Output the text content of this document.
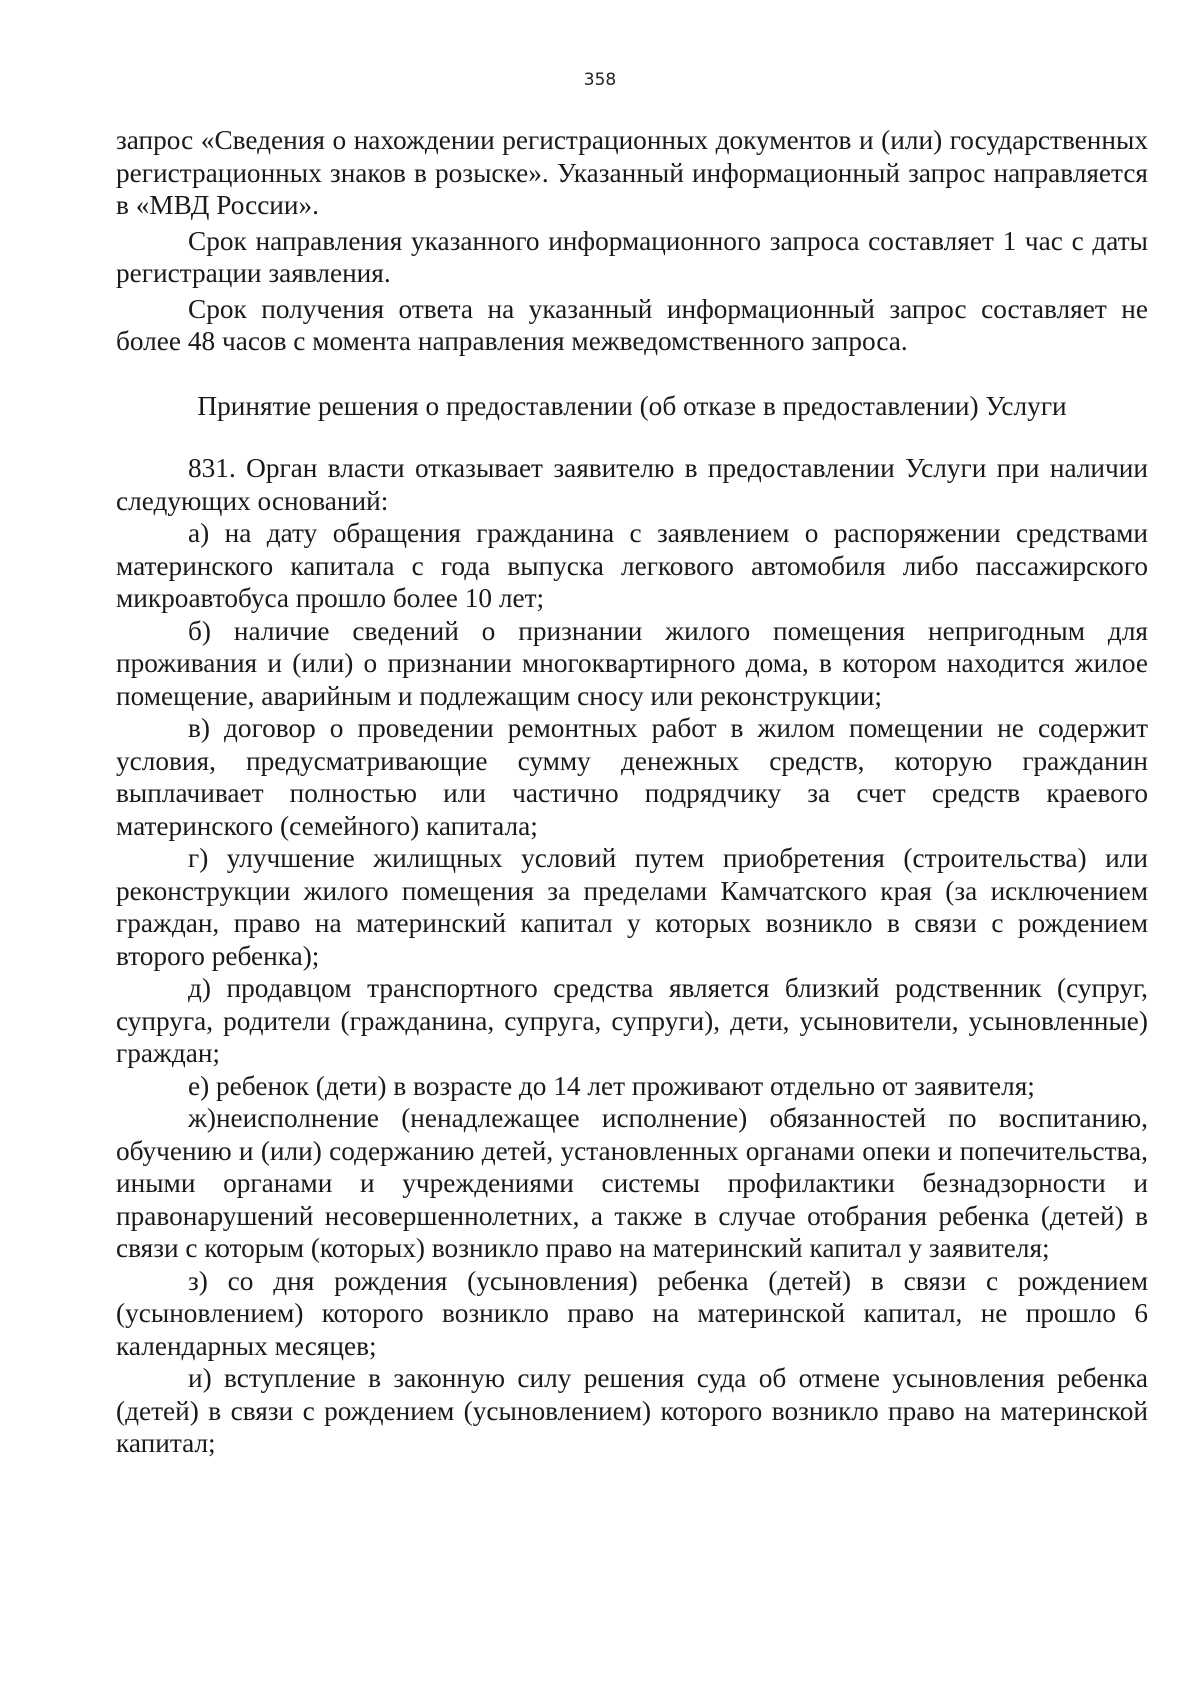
358

запрос «Сведения о нахождении регистрационных документов и (или) государственных регистрационных знаков в розыске». Указанный информационный запрос направляется в «МВД России».

Срок направления указанного информационного запроса составляет 1 час с даты регистрации заявления.

Срок получения ответа на указанный информационный запрос составляет не более 48 часов с момента направления межведомственного запроса.

Принятие решения о предоставлении (об отказе в предоставлении) Услуги

831. Орган власти отказывает заявителю в предоставлении Услуги при наличии следующих оснований:

а) на дату обращения гражданина с заявлением о распоряжении средствами материнского капитала с года выпуска легкового автомобиля либо пассажирского микроавтобуса прошло более 10 лет;

б) наличие сведений о признании жилого помещения непригодным для проживания и (или) о признании многоквартирного дома, в котором находится жилое помещение, аварийным и подлежащим сносу или реконструкции;

в) договор о проведении ремонтных работ в жилом помещении не содержит условия, предусматривающие сумму денежных средств, которую гражданин выплачивает полностью или частично подрядчику за счет средств краевого материнского (семейного) капитала;

г) улучшение жилищных условий путем приобретения (строительства) или реконструкции жилого помещения за пределами Камчатского края (за исключением граждан, право на материнский капитал у которых возникло в связи с рождением второго ребенка);

д) продавцом транспортного средства является близкий родственник (супруг, супруга, родители (гражданина, супруга, супруги), дети, усыновители, усыновленные) граждан;

е) ребенок (дети) в возрасте до 14 лет проживают отдельно от заявителя;

ж)неисполнение (ненадлежащее исполнение) обязанностей по воспитанию, обучению и (или) содержанию детей, установленных органами опеки и попечительства, иными органами и учреждениями системы профилактики безнадзорности и правонарушений несовершеннолетних, а также в случае отобрания ребенка (детей) в связи с которым (которых) возникло право на материнский капитал у заявителя;

з) со дня рождения (усыновления) ребенка (детей) в связи с рождением (усыновлением) которого возникло право на материнской капитал, не прошло 6 календарных месяцев;

и) вступление в законную силу решения суда об отмене усыновления ребенка (детей) в связи с рождением (усыновлением) которого возникло право на материнской капитал;
